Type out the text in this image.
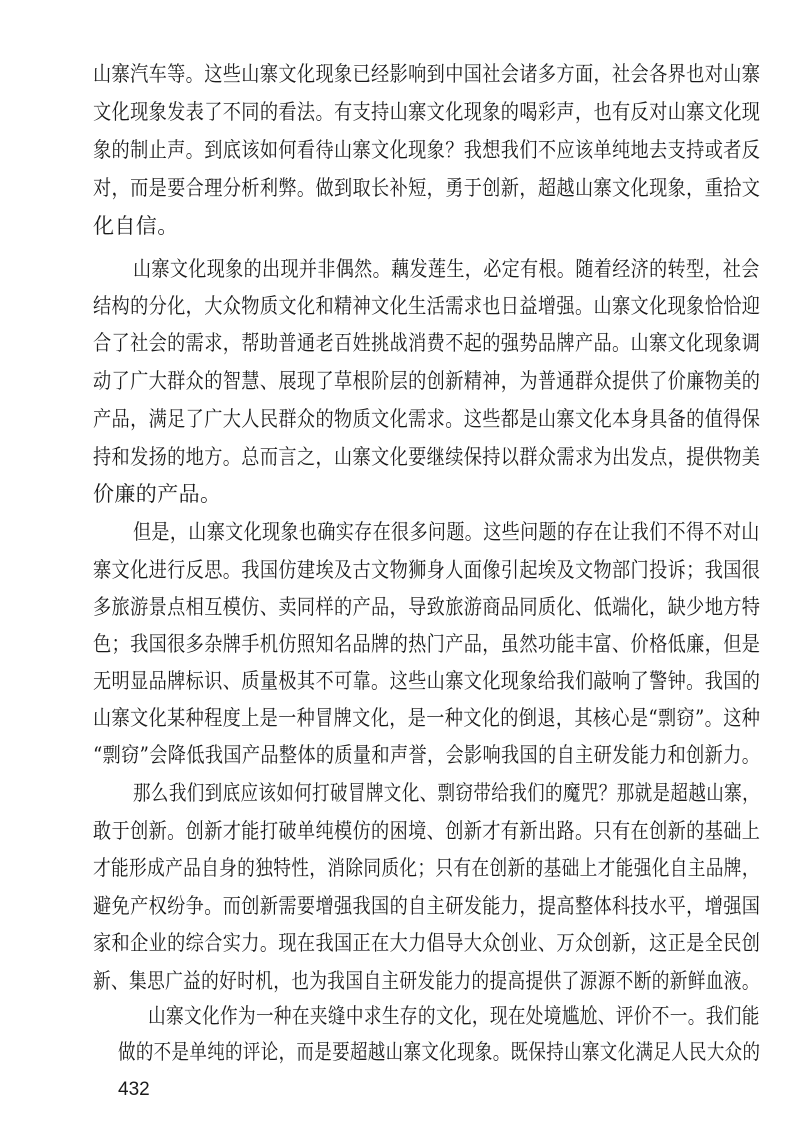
山寨汽车等。这些山寨文化现象已经影响到中国社会诸多方面，社会各界也对山寨
文化现象发表了不同的看法。有支持山寨文化现象的喝彩声，也有反对山寨文化现
象的制止声。到底该如何看待山寨文化现象？我想我们不应该单纯地去支持或者反
对，而是要合理分析利弊。做到取长补短，勇于创新，超越山寨文化现象，重拾文
化自信。
山寨文化现象的出现并非偶然。藕发莲生，必定有根。随着经济的转型，社会
结构的分化，大众物质文化和精神文化生活需求也日益增强。山寨文化现象恰恰迎
合了社会的需求，帮助普通老百姓挑战消费不起的强势品牌产品。山寨文化现象调
动了广大群众的智慧、展现了草根阶层的创新精神，为普通群众提供了价廉物美的
产品，满足了广大人民群众的物质文化需求。这些都是山寨文化本身具备的值得保
持和发扬的地方。总而言之，山寨文化要继续保持以群众需求为出发点，提供物美
价廉的产品。
但是，山寨文化现象也确实存在很多问题。这些问题的存在让我们不得不对山
寨文化进行反思。我国仿建埃及古文物狮身人面像引起埃及文物部门投诉；我国很
多旅游景点相互模仿、卖同样的产品，导致旅游商品同质化、低端化，缺少地方特
色；我国很多杂牌手机仿照知名品牌的热门产品，虽然功能丰富、价格低廉，但是
无明显品牌标识、质量极其不可靠。这些山寨文化现象给我们敲响了警钟。我国的
山寨文化某种程度上是一种冒牌文化，是一种文化的倒退，其核心是“剽窃”。这种
“剽窃”会降低我国产品整体的质量和声誉，会影响我国的自主研发能力和创新力。
那么我们到底应该如何打破冒牌文化、剽窃带给我们的魔咒？那就是超越山寨，
敢于创新。创新才能打破单纯模仿的困境、创新才有新出路。只有在创新的基础上
才能形成产品自身的独特性，消除同质化；只有在创新的基础上才能强化自主品牌，
避免产权纷争。而创新需要增强我国的自主研发能力，提高整体科技水平，增强国
家和企业的综合实力。现在我国正在大力倡导大众创业、万众创新，这正是全民创
新、集思广益的好时机，也为我国自主研发能力的提高提供了源源不断的新鲜血液。
山寨文化作为一种在夹缝中求生存的文化，现在处境尴尬、评价不一。我们能
做的不是单纯的评论，而是要超越山寨文化现象。既保持山寨文化满足人民大众的
432
